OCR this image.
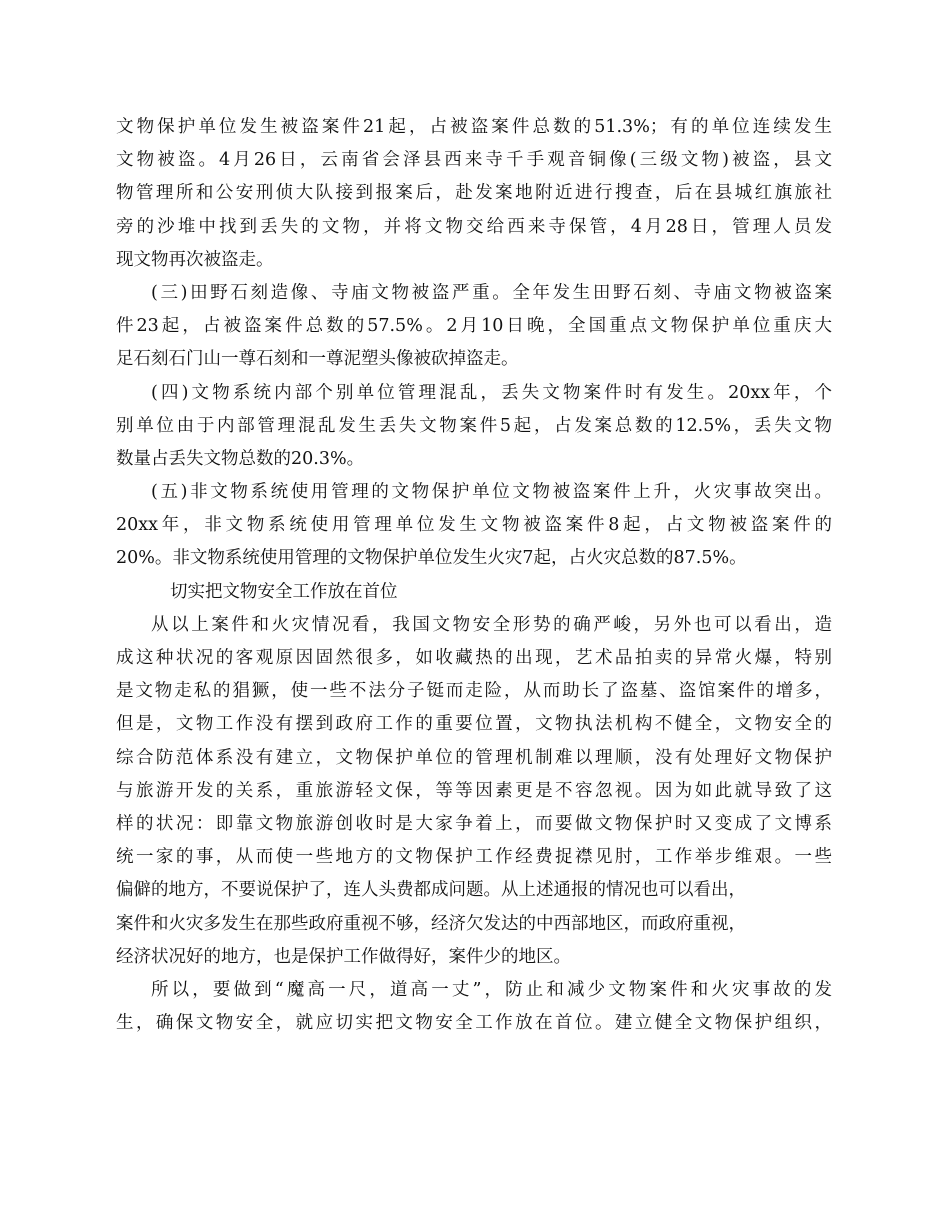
文物保护单位发生被盗案件21起，占被盗案件总数的51.3%；有的单位连续发生
文物被盗。4月26日，云南省会泽县西来寺千手观音铜像(三级文物)被盗，县文
物管理所和公安刑侦大队接到报案后，赴发案地附近进行搜查，后在县城红旗旅社
旁的沙堆中找到丢失的文物，并将文物交给西来寺保管，4月28日，管理人员发
现文物再次被盗走。
(三)田野石刻造像、寺庙文物被盗严重。全年发生田野石刻、寺庙文物被盗案
件23起，占被盗案件总数的57.5%。2月10日晚，全国重点文物保护单位重庆大
足石刻石门山一尊石刻和一尊泥塑头像被砍掉盗走。
(四)文物系统内部个别单位管理混乱，丢失文物案件时有发生。20xx年，个
别单位由于内部管理混乱发生丢失文物案件5起，占发案总数的12.5%，丢失文物
数量占丢失文物总数的20.3%。
(五)非文物系统使用管理的文物保护单位文物被盗案件上升，火灾事故突出。
20xx年，非文物系统使用管理单位发生文物被盗案件8起，占文物被盗案件的
20%。非文物系统使用管理的文物保护单位发生火灾7起，占火灾总数的87.5%。
切实把文物安全工作放在首位
从以上案件和火灾情况看，我国文物安全形势的确严峻，另外也可以看出，造
成这种状况的客观原因固然很多，如收藏热的出现，艺术品拍卖的异常火爆，特别
是文物走私的猖獗，使一些不法分子铤而走险，从而助长了盗墓、盗馆案件的增多，
但是，文物工作没有摆到政府工作的重要位置，文物执法机构不健全，文物安全的
综合防范体系没有建立，文物保护单位的管理机制难以理顺，没有处理好文物保护
与旅游开发的关系，重旅游轻文保，等等因素更是不容忽视。因为如此就导致了这
样的状况：即靠文物旅游创收时是大家争着上，而要做文物保护时又变成了文博系
统一家的事，从而使一些地方的文物保护工作经费捉襟见肘，工作举步维艰。一些
偏僻的地方，不要说保护了，连人头费都成问题。从上述通报的情况也可以看出，
案件和火灾多发生在那些政府重视不够，经济欠发达的中西部地区，而政府重视，
经济状况好的地方，也是保护工作做得好，案件少的地区。
所以，要做到“魔高一尺，道高一丈”，防止和减少文物案件和火灾事故的发
生，确保文物安全，就应切实把文物安全工作放在首位。建立健全文物保护组织，
